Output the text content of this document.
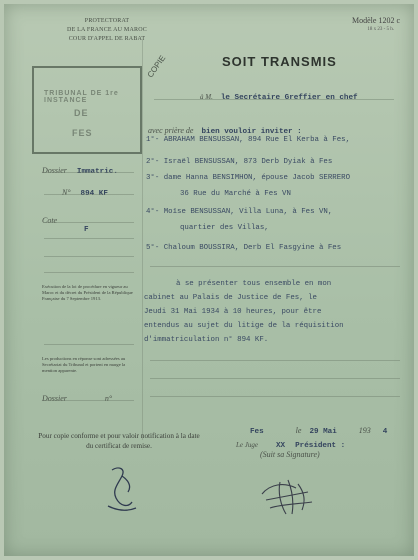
PROTECTORAT
DE LA FRANCE AU MAROC
COUR D'APPEL DE RABAT
Modèle 1202 c
18 x 23 - 5 h.
TRIBUNAL DE 1re INSTANCE
DE
FES
COPIE	SOIT TRANSMIS
Dossier Immatric.
N° 894 KF
Cote
F
Exécution de la loi de procédure en vigueur au Maroc et du décret du Président de la République Française du 7 Septembre 1913.
Les productions en réponse sont adressées au Secrétariat du Tribunal et portent en marge la mention apparente.
Dossier	n°
à M. le Secrétaire Greffier en chef
avec prière de bien vouloir inviter :
1°- ABRAHAM BENSUSSAN, 894 Rue El Kerba à Fes,
2°- Israël BENSUSSAN, 873 Derb Dyiak à Fes
3°- dame Hanna BENSIMHON, épouse Jacob SERRERO
36 Rue du Marché à Fes VN
4°- Moïse BENSUSSAN, Villa Luna, à Fes VN,
quartier des Villas,
5°- Chaloum BOUSSIRA, Derb El Fasgyine à Fes
à se présenter tous ensemble en mon
cabinet au Palais de Justice de Fes, le
Jeudi 31 Mai 1934 à 10 heures, pour être
entendus au sujet du litige de la réquisition
d'immatriculation n° 894 KF.
Fes	le 29 Mai	193 4
Le Juge XX Président :
(Suit sa Signature)
Pour copie conforme et pour valoir notification à la date du certificat de remise.
